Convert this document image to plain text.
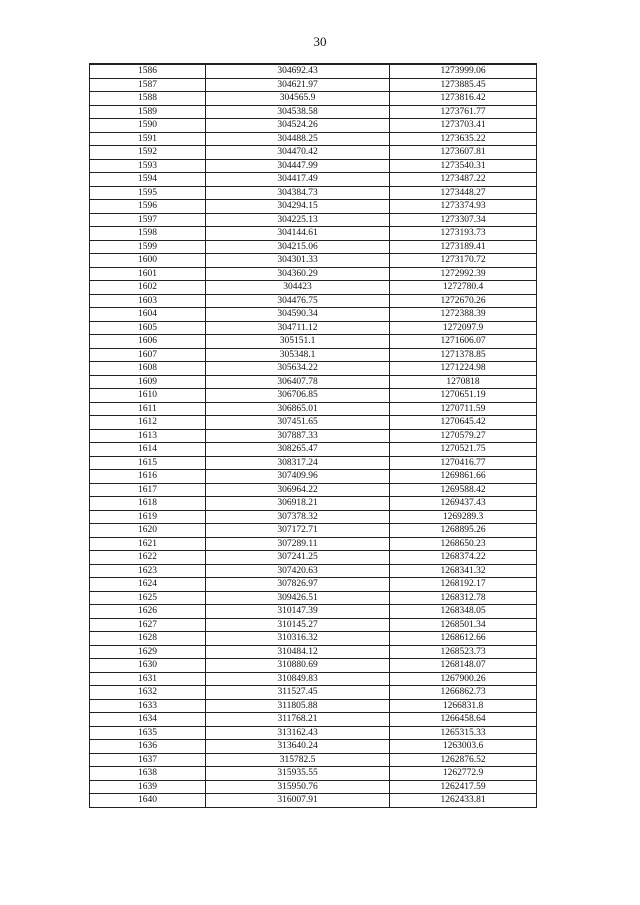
30
1586	304692.43	1273999.06
1587	304621.97	1273885.45
1588	304565.9	1273816.42
1589	304538.58	1273761.77
1590	304524.26	1273703.41
1591	304488.25	1273635.22
1592	304470.42	1273607.81
1593	304447.99	1273540.31
1594	304417.49	1273487.22
1595	304384.73	1273448.27
1596	304294.15	1273374.93
1597	304225.13	1273307.34
1598	304144.61	1273193.73
1599	304215.06	1273189.41
1600	304301.33	1273170.72
1601	304360.29	1272992.39
1602	304423	1272780.4
1603	304476.75	1272670.26
1604	304590.34	1272388.39
1605	304711.12	1272097.9
1606	305151.1	1271606.07
1607	305348.1	1271378.85
1608	305634.22	1271224.98
1609	306407.78	1270818
1610	306706.85	1270651.19
1611	306865.01	1270711.59
1612	307451.65	1270645.42
1613	307887.33	1270579.27
1614	308265.47	1270521.75
1615	308317.24	1270416.77
1616	307409.96	1269861.66
1617	306964.22	1269588.42
1618	306918.21	1269437.43
1619	307378.32	1269289.3
1620	307172.71	1268895.26
1621	307289.11	1268650.23
1622	307241.25	1268374.22
1623	307420.63	1268341.32
1624	307826.97	1268192.17
1625	309426.51	1268312.78
1626	310147.39	1268348.05
1627	310145.27	1268501.34
1628	310316.32	1268612.66
1629	310484.12	1268523.73
1630	310880.69	1268148.07
1631	310849.83	1267900.26
1632	311527.45	1266862.73
1633	311805.88	1266831.8
1634	311768.21	1266458.64
1635	313162.43	1265315.33
1636	313640.24	1263003.6
1637	315782.5	1262876.52
1638	315935.55	1262772.9
1639	315950.76	1262417.59
1640	316007.91	1262433.81
